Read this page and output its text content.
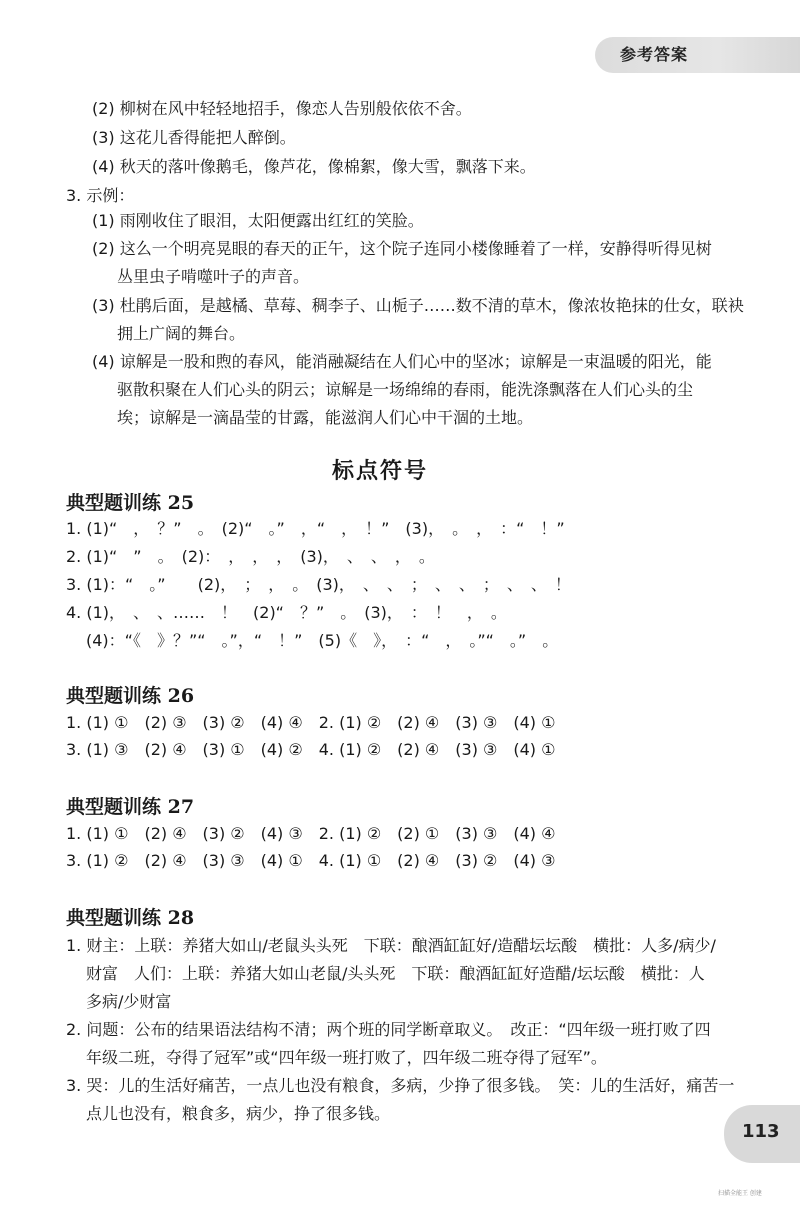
参考答案
(2) 柳树在风中轻轻地招手，像恋人告别般依依不舍。
(3) 这花儿香得能把人醉倒。
(4) 秋天的落叶像鹅毛，像芦花，像棉絮，像大雪，飘落下来。
3. 示例：
(1) 雨刚收住了眼泪，太阳便露出红红的笑脸。
(2) 这么一个明亮晃眼的春天的正午，这个院子连同小楼像睡着了一样，安静得听得见树
丛里虫子啃噬叶子的声音。
(3) 杜鹃后面，是越橘、草莓、稠李子、山栀子……数不清的草木，像浓妆艳抹的仕女，联袂
拥上广阔的舞台。
(4) 谅解是一股和煦的春风，能消融凝结在人们心中的坚冰；谅解是一束温暖的阳光，能
驱散积聚在人们心头的阴云；谅解是一场绵绵的春雨，能洗涤飘落在人们心头的尘
埃；谅解是一滴晶莹的甘露，能滋润人们心中干涸的土地。
标点符号
典型题训练 25
1. (1)“　，　？”　。　(2)“　。”　，“　，　！”　(3)，　。　，　：“　！”
2. (1)“　”　。　(2)：　，　，　，　(3)，　、　、　，　。
3. (1)：“　。”　　(2)，　；　，　。　(3)，　、　、　；　、　、　；　、　、　！
4. (1)，　、　、……　！　(2)“　？”　。　(3)，　：　！　，　。
(4)：“《　》？”“　。”，“　！”　(5)《　》，　：“　，　。”“　。”　。
典型题训练 26
1. (1) ①　(2) ③　(3) ②　(4) ④　2. (1) ②　(2) ④　(3) ③　(4) ①
3. (1) ③　(2) ④　(3) ①　(4) ②　4. (1) ②　(2) ④　(3) ③　(4) ①
典型题训练 27
1. (1) ①　(2) ④　(3) ②　(4) ③　2. (1) ②　(2) ①　(3) ③　(4) ④
3. (1) ②　(2) ④　(3) ③　(4) ①　4. (1) ①　(2) ④　(3) ②　(4) ③
典型题训练 28
1. 财主：上联：养猪大如山/老鼠头头死　下联：酿酒缸缸好/造醋坛坛酸　横批：人多/病少/
财富　人们：上联：养猪大如山老鼠/头头死　下联：酿酒缸缸好造醋/坛坛酸　横批：人
多病/少财富
2. 问题：公布的结果语法结构不清；两个班的同学断章取义。　改正：“四年级一班打败了四
年级二班，夺得了冠军”或“四年级一班打败了，四年级二班夺得了冠军”。
3. 哭：儿的生活好痛苦，一点儿也没有粮食，多病，少挣了很多钱。　笑：儿的生活好，痛苦一
点儿也没有，粮食多，病少，挣了很多钱。
113
扫描全能王 创建
